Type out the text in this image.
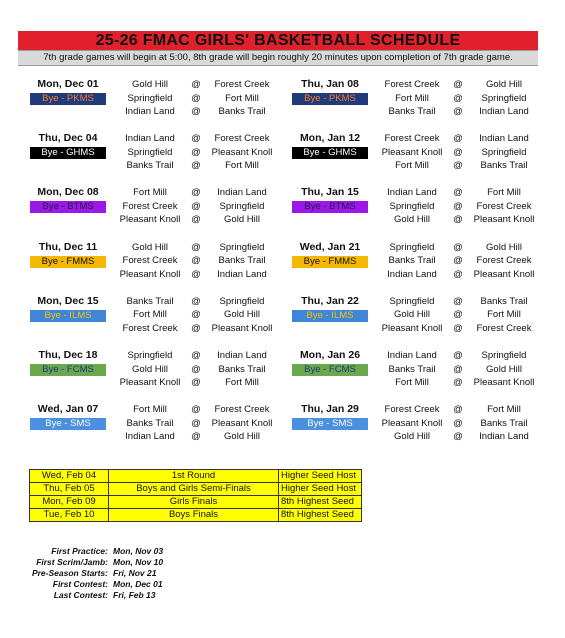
25-26 FMAC GIRLS' BASKETBALL SCHEDULE
7th grade games will begin at 5:00, 8th grade will begin roughly 20 minutes upon completion of 7th grade game.
Mon, Dec 01
Bye - PKMS
Gold Hill	@	Forest Creek
Springfield	@	Fort Mill
Indian Land	@	Banks Trail
Thu, Dec 04
Bye - GHMS
Indian Land	@	Forest Creek
Springfield	@	Pleasant Knoll
Banks Trail	@	Fort Mill
Mon, Dec 08
Bye - BTMS
Fort Mill	@	Indian Land
Forest Creek	@	Springfield
Pleasant Knoll	@	Gold Hill
Thu, Dec 11
Bye - FMMS
Gold Hill	@	Springfield
Forest Creek	@	Banks Trail
Pleasant Knoll	@	Indian Land
Mon, Dec 15
Bye - ILMS
Banks Trail	@	Springfield
Fort Mill	@	Gold Hill
Forest Creek	@	Pleasant Knoll
Thu, Dec 18
Bye - FCMS
Springfield	@	Indian Land
Gold Hill	@	Banks Trail
Pleasant Knoll	@	Fort Mill
Wed, Jan 07
Bye - SMS
Fort Mill	@	Forest Creek
Banks Trail	@	Pleasant Knoll
Indian Land	@	Gold Hill
Thu, Jan 08
Bye - PKMS
Forest Creek	@	Gold Hill
Fort Mill	@	Springfield
Banks Trail	@	Indian Land
Mon, Jan 12
Bye - GHMS
Forest Creek	@	Indian Land
Pleasant Knoll	@	Springfield
Fort Mill	@	Banks Trail
Thu, Jan 15
Bye - BTMS
Indian Land	@	Fort Mill
Springfield	@	Forest Creek
Gold Hill	@	Pleasant Knoll
Wed, Jan 21
Bye - FMMS
Springfield	@	Gold Hill
Banks Trail	@	Forest Creek
Indian Land	@	Pleasant Knoll
Thu, Jan 22
Bye - ILMS
Springfield	@	Banks Trail
Gold Hill	@	Fort Mill
Pleasant Knoll	@	Forest Creek
Mon, Jan 26
Bye - FCMS
Indian Land	@	Springfield
Banks Trail	@	Gold Hill
Fort Mill	@	Pleasant Knoll
Thu, Jan 29
Bye - SMS
Forest Creek	@	Fort Mill
Pleasant Knoll	@	Banks Trail
Gold Hill	@	Indian Land
Wed, Feb 04	1st Round	Higher Seed Host
Thu, Feb 05	Boys and Girls Semi-Finals	Higher Seed Host
Mon, Feb 09	Girls Finals	8th Highest Seed
Tue, Feb 10	Boys Finals	8th Highest Seed
First Practice: Mon, Nov 03
First Scrim/Jamb: Mon, Nov 10
Pre-Season Starts: Fri, Nov 21
First Contest: Mon, Dec 01
Last Contest: Fri, Feb 13
